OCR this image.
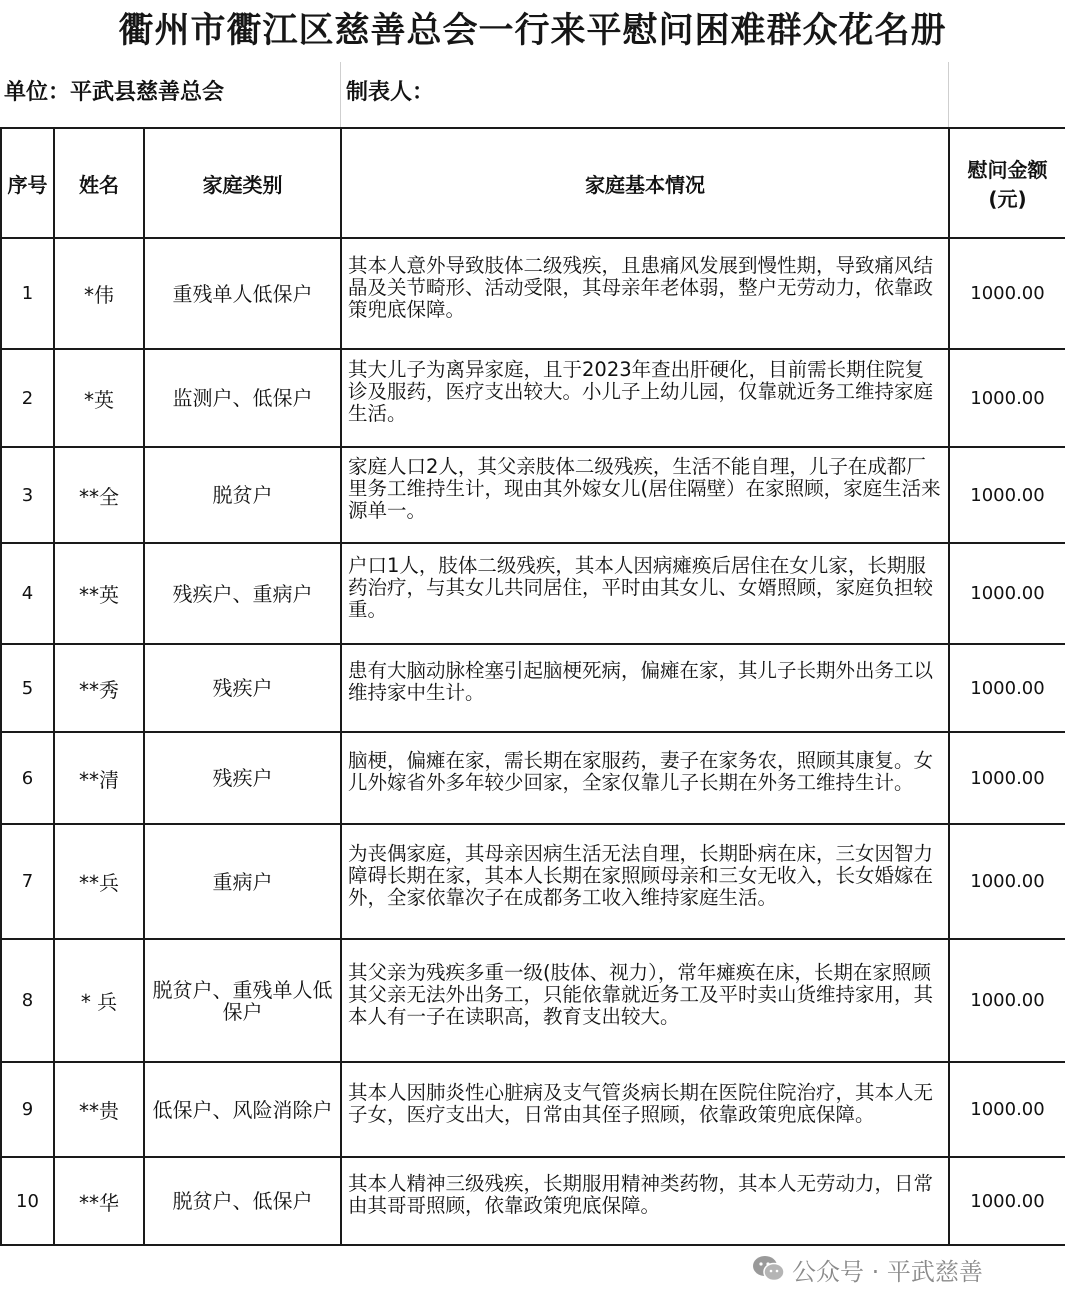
衢州市衢江区慈善总会一行来平慰问困难群众花名册
单位：平武县慈善总会	制表人：
序号	姓名	家庭类别	家庭基本情况	慰问金额(元)
1	*伟	重残单人低保户	其本人意外导致肢体二级残疾，且患痛风发展到慢性期，导致痛风结晶及关节畸形、活动受限，其母亲年老体弱，整户无劳动力，依靠政策兜底保障。	1000.00
2	*英	监测户、低保户	其大儿子为离异家庭，且于2023年查出肝硬化，目前需长期住院复诊及服药，医疗支出较大。小儿子上幼儿园，仅靠就近务工维持家庭生活。	1000.00
3	**全	脱贫户	家庭人口2人，其父亲肢体二级残疾，生活不能自理，儿子在成都厂里务工维持生计，现由其外嫁女儿(居住隔壁）在家照顾，家庭生活来源单一。	1000.00
4	**英	残疾户、重病户	户口1人，肢体二级残疾，其本人因病瘫痪后居住在女儿家，长期服药治疗，与其女儿共同居住，平时由其女儿、女婿照顾，家庭负担较重。	1000.00
5	**秀	残疾户	患有大脑动脉栓塞引起脑梗死病，偏瘫在家，其儿子长期外出务工以维持家中生计。	1000.00
6	**清	残疾户	脑梗，偏瘫在家，需长期在家服药，妻子在家务农，照顾其康复。女儿外嫁省外多年较少回家，全家仅靠儿子长期在外务工维持生计。	1000.00
7	**兵	重病户	为丧偶家庭，其母亲因病生活无法自理，长期卧病在床，三女因智力障碍长期在家，其本人长期在家照顾母亲和三女无收入，长女婚嫁在外，全家依靠次子在成都务工收入维持家庭生活。	1000.00
8	* 兵	脱贫户、重残单人低保户	其父亲为残疾多重一级(肢体、视力），常年瘫痪在床，长期在家照顾其父亲无法外出务工，只能依靠就近务工及平时卖山货维持家用，其本人有一子在读职高，教育支出较大。	1000.00
9	**贵	低保户、风险消除户	其本人因肺炎性心脏病及支气管炎病长期在医院住院治疗，其本人无子女，医疗支出大，日常由其侄子照顾，依靠政策兜底保障。	1000.00
10	**华	脱贫户、低保户	其本人精神三级残疾，长期服用精神类药物，其本人无劳动力，日常由其哥哥照顾，依靠政策兜底保障。	1000.00
公众号 · 平武慈善
